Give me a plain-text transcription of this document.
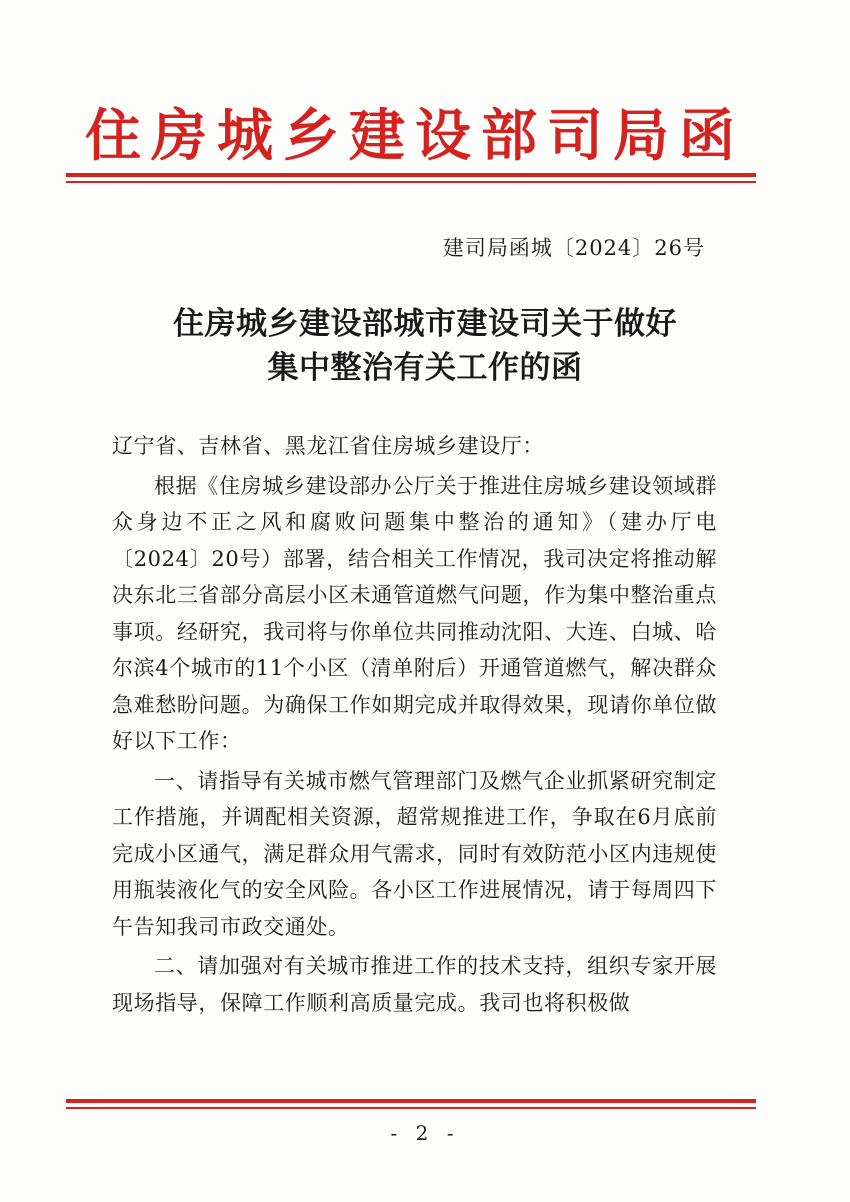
住房城乡建设部司局函
建司局函城〔2024〕26号
住房城乡建设部城市建设司关于做好
集中整治有关工作的函

辽宁省、吉林省、黑龙江省住房城乡建设厅：

根据《住房城乡建设部办公厅关于推进住房城乡建设领域群众身边不正之风和腐败问题集中整治的通知》（建办厅电〔2024〕20号）部署，结合相关工作情况，我司决定将推动解决东北三省部分高层小区未通管道燃气问题，作为集中整治重点事项。经研究，我司将与你单位共同推动沈阳、大连、白城、哈尔滨4个城市的11个小区（清单附后）开通管道燃气，解决群众急难愁盼问题。为确保工作如期完成并取得效果，现请你单位做好以下工作：

一、请指导有关城市燃气管理部门及燃气企业抓紧研究制定工作措施，并调配相关资源，超常规推进工作，争取在6月底前完成小区通气，满足群众用气需求，同时有效防范小区内违规使用瓶装液化气的安全风险。各小区工作进展情况，请于每周四下午告知我司市政交通处。

二、请加强对有关城市推进工作的技术支持，组织专家开展现场指导，保障工作顺利高质量完成。我司也将积极做

- 2 -
